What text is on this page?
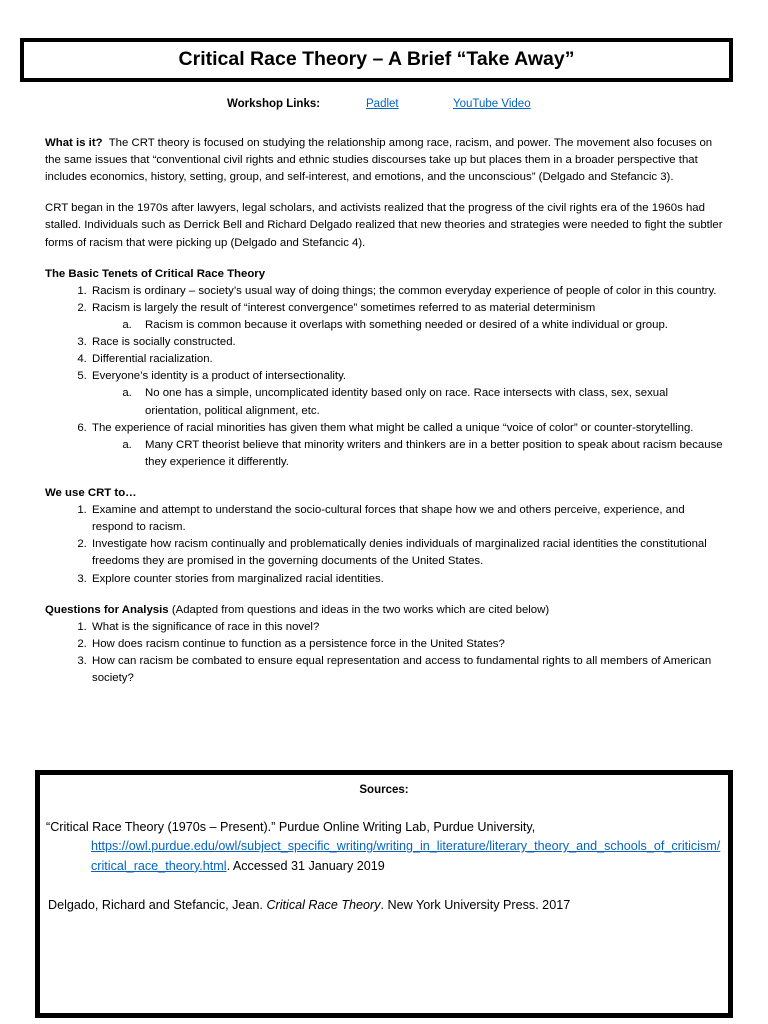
Critical Race Theory – A Brief “Take Away”
Workshop Links:	Padlet	YouTube Video

What is it? The CRT theory is focused on studying the relationship among race, racism, and power. The movement also focuses on the same issues that “conventional civil rights and ethnic studies discourses take up but places them in a broader perspective that includes economics, history, setting, group, and self-interest, and emotions, and the unconscious” (Delgado and Stefancic 3).

CRT began in the 1970s after lawyers, legal scholars, and activists realized that the progress of the civil rights era of the 1960s had stalled. Individuals such as Derrick Bell and Richard Delgado realized that new theories and strategies were needed to fight the subtler forms of racism that were picking up (Delgado and Stefancic 4).

The Basic Tenets of Critical Race Theory
1. Racism is ordinary – society’s usual way of doing things; the common everyday experience of people of color in this country.
2. Racism is largely the result of “interest convergence” sometimes referred to as material determinism
a. Racism is common because it overlaps with something needed or desired of a white individual or group.
3. Race is socially constructed.
4. Differential racialization.
5. Everyone’s identity is a product of intersectionality.
a. No one has a simple, uncomplicated identity based only on race. Race intersects with class, sex, sexual orientation, political alignment, etc.
6. The experience of racial minorities has given them what might be called a unique “voice of color” or counter-storytelling.
a. Many CRT theorist believe that minority writers and thinkers are in a better position to speak about racism because they experience it differently.
We use CRT to…
1. Examine and attempt to understand the socio-cultural forces that shape how we and others perceive, experience, and respond to racism.
2. Investigate how racism continually and problematically denies individuals of marginalized racial identities the constitutional freedoms they are promised in the governing documents of the United States.
3. Explore counter stories from marginalized racial identities.
Questions for Analysis (Adapted from questions and ideas in the two works which are cited below)
1. What is the significance of race in this novel?
2. How does racism continue to function as a persistence force in the United States?
3. How can racism be combated to ensure equal representation and access to fundamental rights to all members of American society?
Sources:
“Critical Race Theory (1970s – Present).” Purdue Online Writing Lab, Purdue University,
https://owl.purdue.edu/owl/subject_specific_writing/writing_in_literature/literary_theory_and_schools_of_criticism/critical_race_theory.html. Accessed 31 January 2019
Delgado, Richard and Stefancic, Jean. Critical Race Theory. New York University Press. 2017
